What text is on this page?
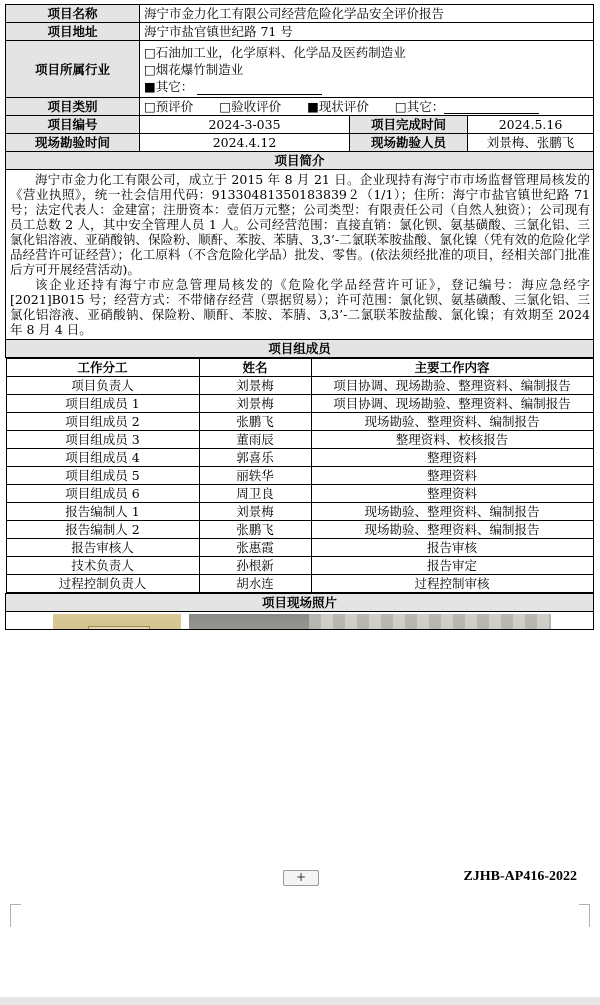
项目名称	海宁市金力化工有限公司经营危险化学品安全评价报告
项目地址	海宁市盐官镇世纪路 71 号
项目所属行业	
□石油加工业，化学原料、化学品及医药制造业
□烟花爆竹制造业
■其它：

项目类别	□预评价 □验收评价 ■现状评价 □其它：
项目编号	2024-3-035	项目完成时间	2024.5.16
现场勘验时间	2024.4.12	现场勘验人员	刘景梅、张鹏飞
项目简介

海宁市金力化工有限公司，成立于 2015 年 8 月 21 日。企业现持有海宁市市场监督管理局核发的《营业执照》，统一社会信用代码：91330481350183839２（1/1）；住所：海宁市盐官镇世纪路 71 号；法定代表人：金建富；注册资本：壹佰万元整；公司类型：有限责任公司（自然人独资）；公司现有员工总数 2 人，其中安全管理人员 1 人。公司经营范围：直接直销：氯化钡、氨基磺酸、三氯化铝、三氯化铝溶液、亚硝酸钠、保险粉、顺酐、苯胺、苯腈、3,3’-二氯联苯胺盐酸、氯化镍（凭有效的危险化学品经营许可证经营）；化工原料（不含危险化学品）批发、零售。(依法须经批准的项目，经相关部门批准后方可开展经营活动)。

该企业还持有海宁市应急管理局核发的《危险化学品经营许可证》，登记编号：海应急经字[2021]B015 号；经营方式：不带储存经营（票据贸易）；许可范围：氯化钡、氨基磺酸、三氯化铝、三氯化铝溶液、亚硝酸钠、保险粉、顺酐、苯胺、苯腈、3,3’-二氯联苯胺盐酸、氯化镍；有效期至 2024 年 8 月 4 日。

项目组成员

工作分工	姓名	主要工作内容
项目负责人	刘景梅	项目协调、现场勘验、整理资料、编制报告
项目组成员 1	刘景梅	项目协调、现场勘验、整理资料、编制报告
项目组成员 2	张鹏飞	现场勘验、整理资料、编制报告
项目组成员 3	董雨辰	整理资料、校核报告
项目组成员 4	郭喜乐	整理资料
项目组成员 5	丽轶华	整理资料
项目组成员 6	周卫良	整理资料
报告编制人 1	刘景梅	现场勘验、整理资料、编制报告
报告编制人 2	张鹏飞	现场勘验、整理资料、编制报告
报告审核人	张惠霞	报告审核
技术负责人	孙根新	报告审定
过程控制负责人	胡水连	过程控制审核

项目现场照片

+	ZJHB-AP416-2022
